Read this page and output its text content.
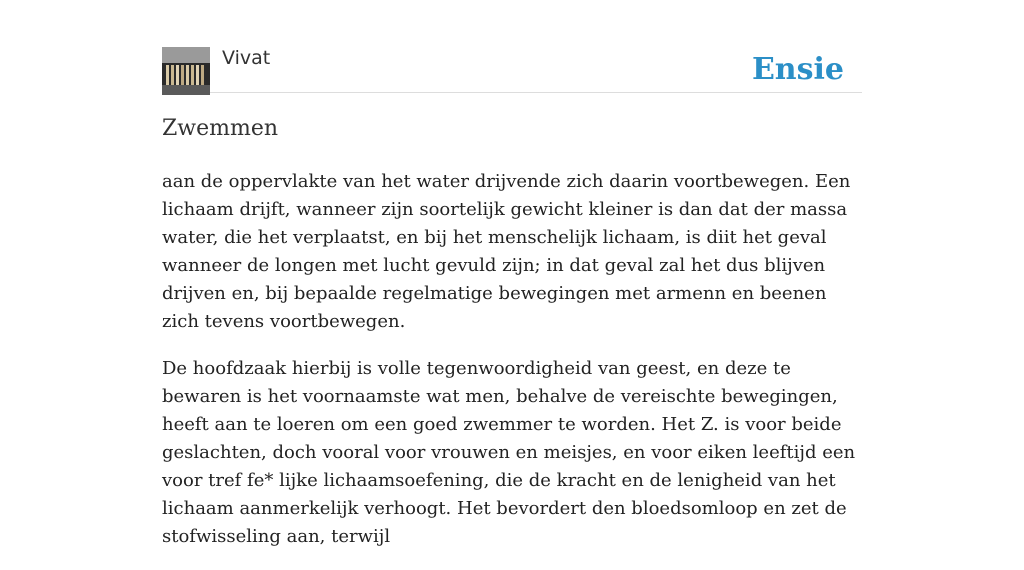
Vivat	Ensie
Zwemmen

aan de oppervlakte van het water drijvende zich daarin voortbewegen. Een lichaam drijft, wanneer zijn soortelijk gewicht kleiner is dan dat der massa water, die het verplaatst, en bij het menschelijk lichaam, is diit het geval wanneer de longen met lucht gevuld zijn; in dat geval zal het dus blijven drijven en, bij bepaalde regelmatige bewegingen met armenn en beenen zich tevens voortbewegen.

De hoofdzaak hierbij is volle tegenwoordigheid van geest, en deze te bewaren is het voornaamste wat men, behalve de vereischte bewegingen, heeft aan te loeren om een goed zwemmer te worden. Het Z. is voor beide geslachten, doch vooral voor vrouwen en meisjes, en voor eiken leeftijd een voor tref fe* lijke lichaamsoefening, die de kracht en de lenigheid van het lichaam aanmerkelijk verhoogt. Het bevordert den bloedsomloop en zet de stofwisseling aan, terwijl
